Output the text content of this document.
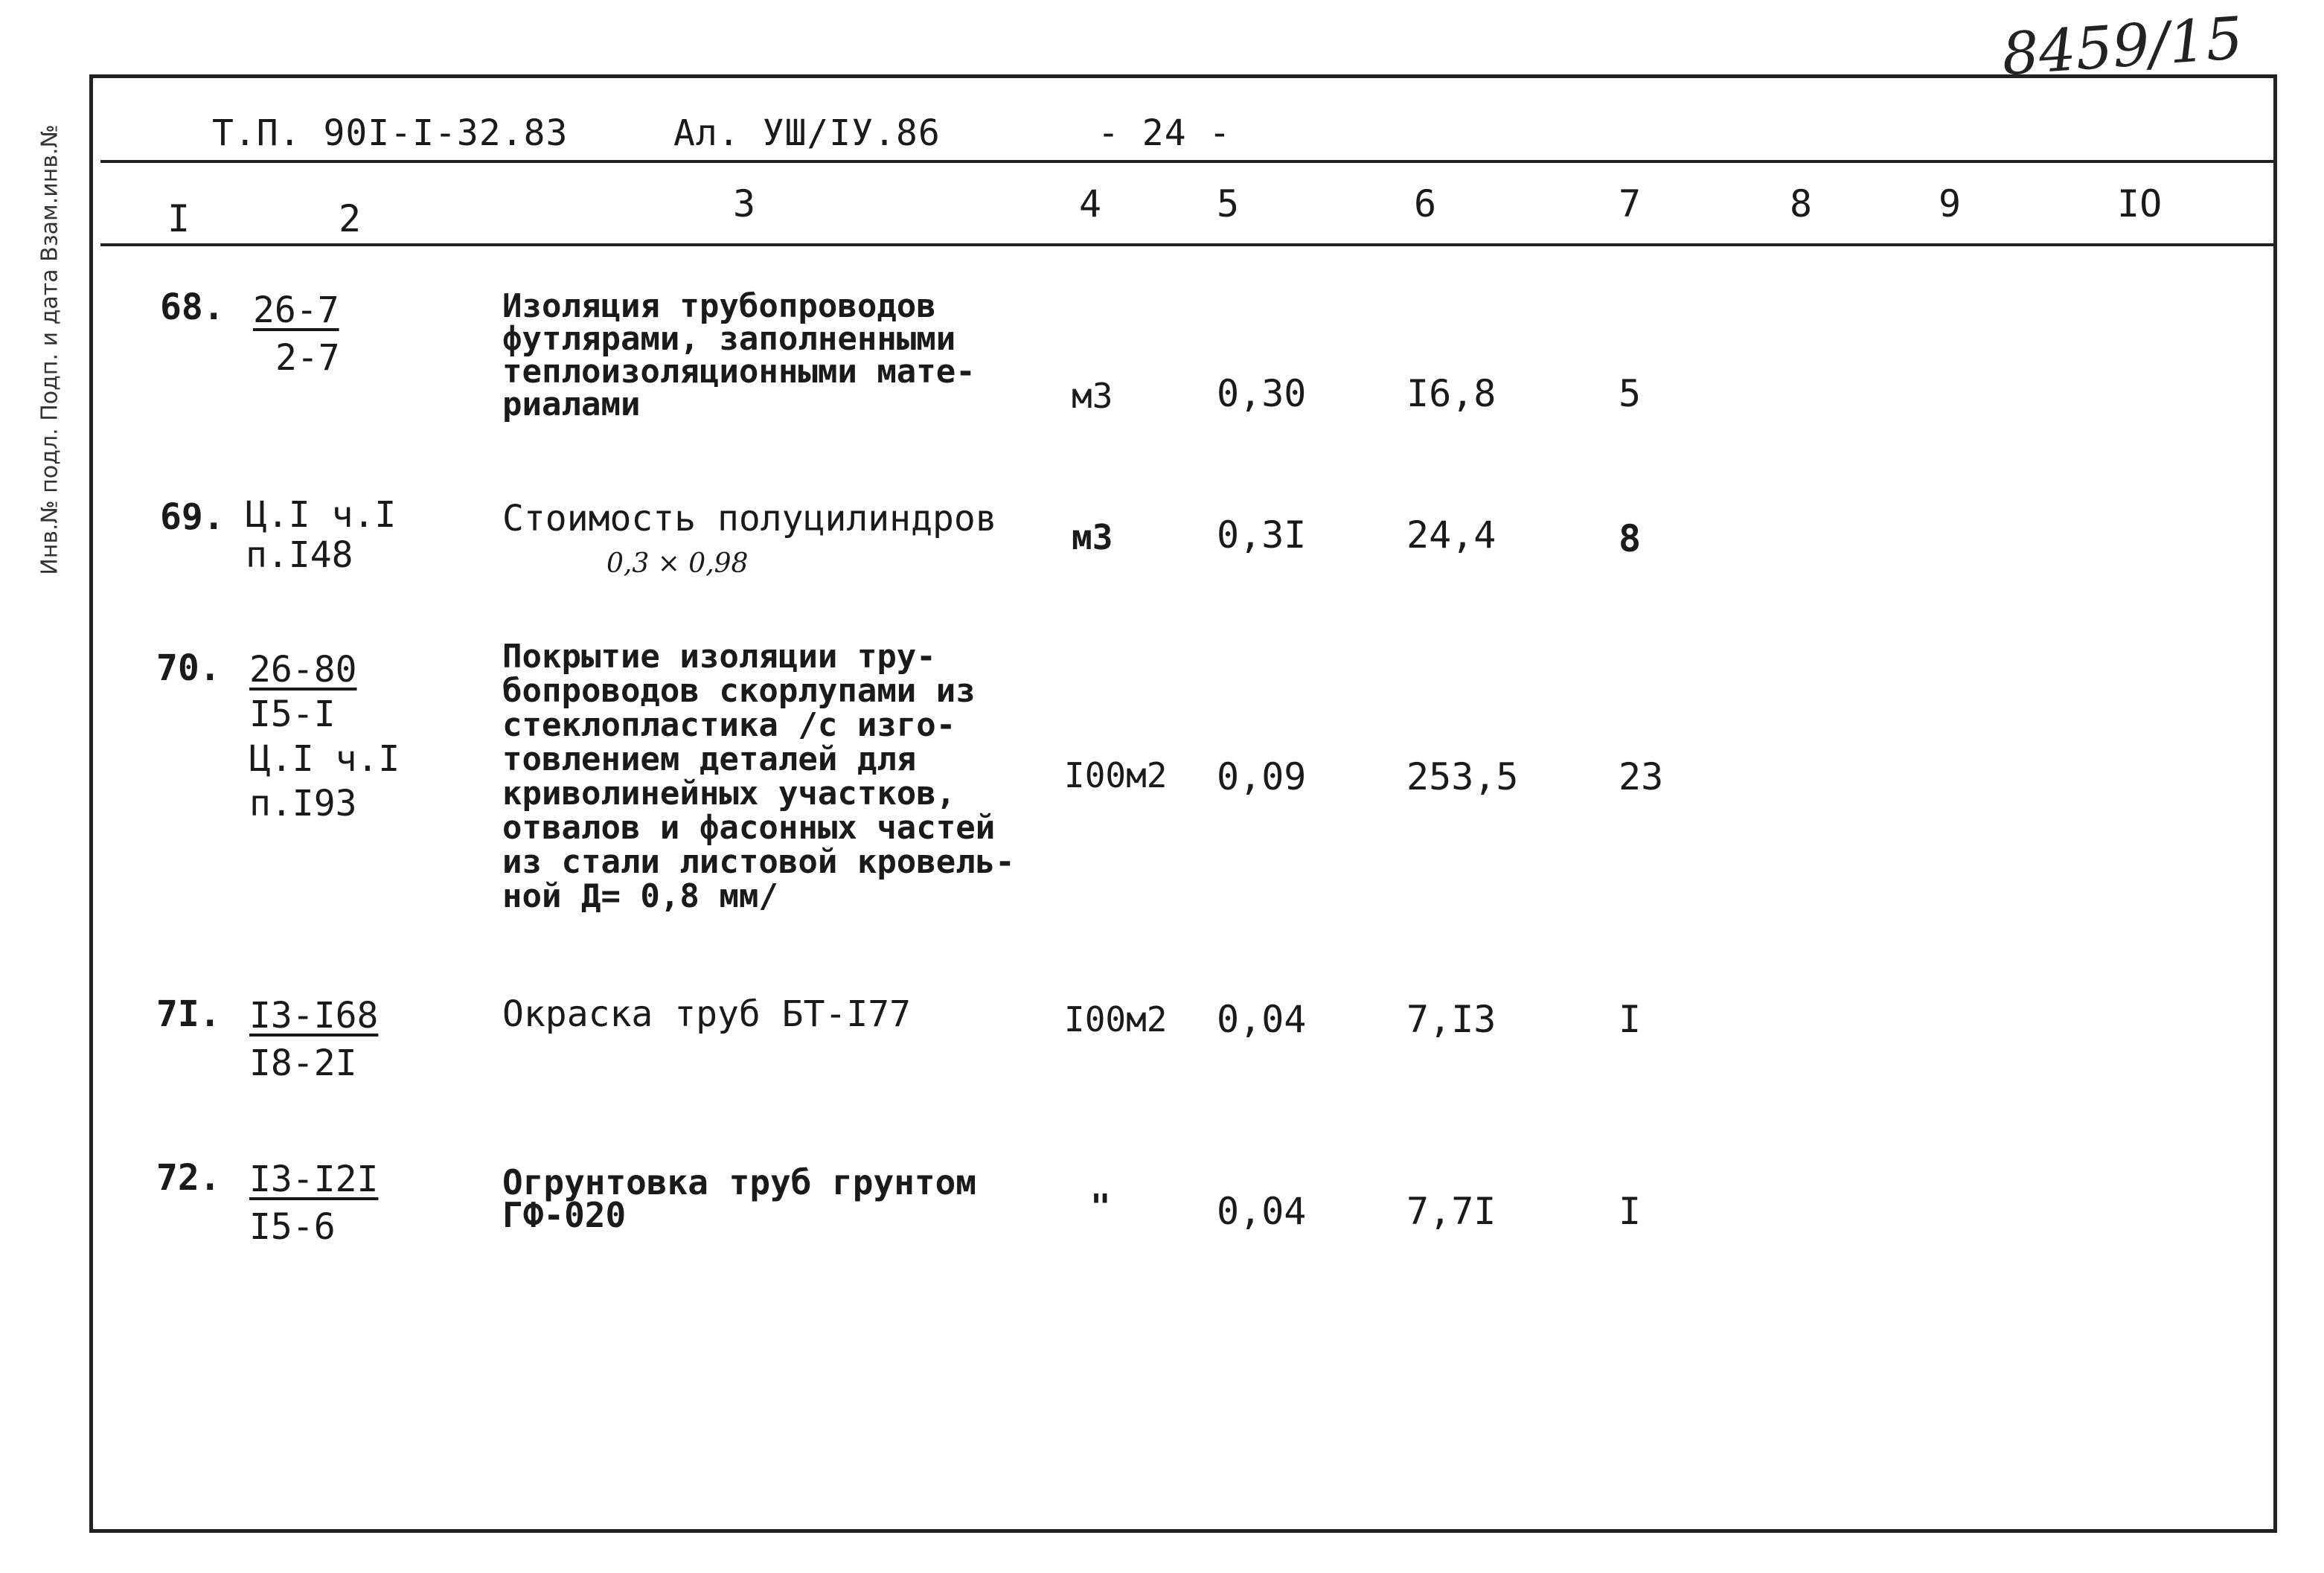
8459/15
Инв.№ подл. Подп. и дата Взам.инв.№	Т.П. 90I-I-32.83	Ал. УШ/IУ.86	- 24 -
I	2	3	4	5	6	7	8	9	IO
68. 26-7
2-7
Изоляция трубопроводов
футлярами, заполненными
теплоизоляционными мате-
риалами	м3	0,30	I6,8	5
69. Ц.I ч.I
п.I48
Стоимость полуцилиндров
0,3 × 0,98
м3	0,3I	24,4	8
70. 26-80
I5-I
Ц.I ч.I
п.I93
Покрытие изоляции тру-
бопроводов скорлупами из
стеклопластика /с изго-
товлением деталей для
криволинейных участков,
отвалов и фасонных частей
из стали листовой кровель-
ной Д= 0,8 мм/
I00м2 0,09	253,5	23
7I. I3-I68
I8-2I
Окраска труб БТ-I77	I00м2 0,04	7,I3	I
72. I3-I2I
I5-6
Огрунтовка труб грунтом
ГФ-020	"	0,04	7,7I	I
